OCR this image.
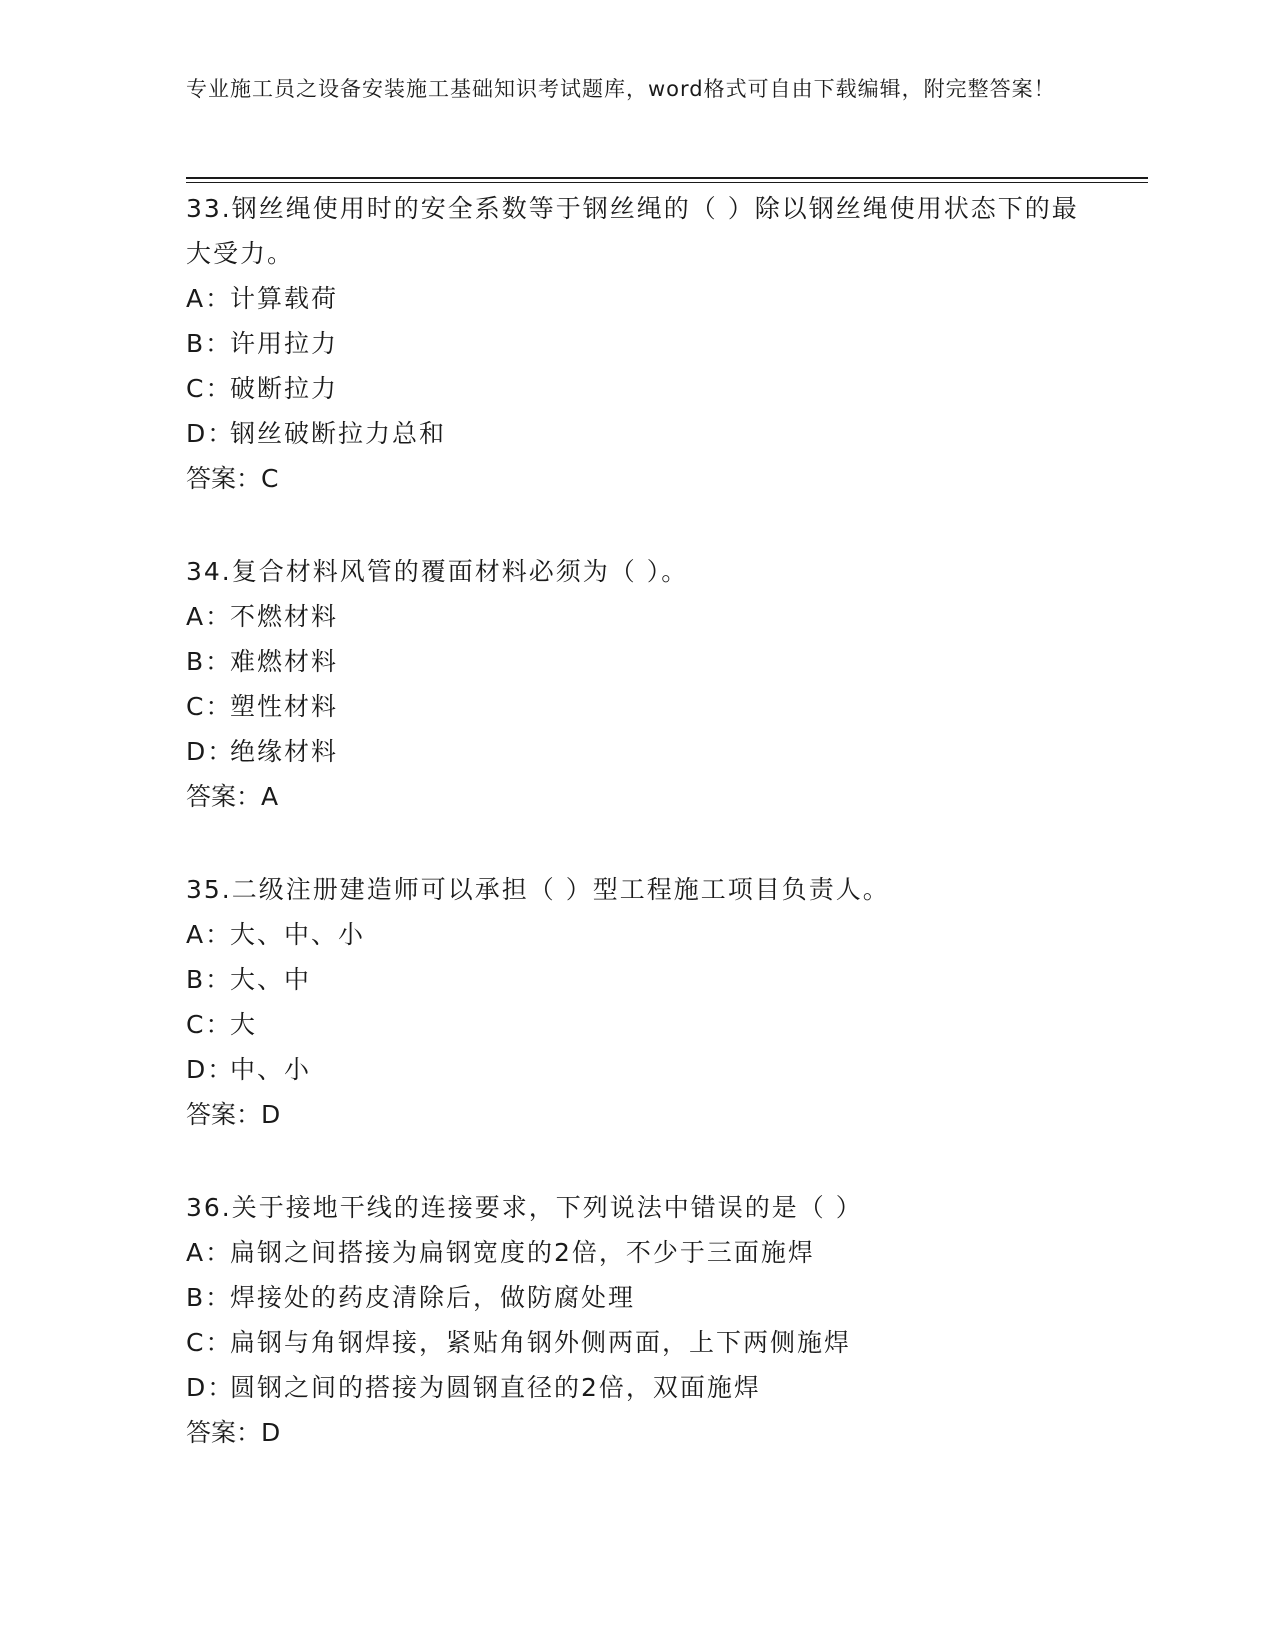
专业施工员之设备安装施工基础知识考试题库，word格式可自由下载编辑，附完整答案！

33.钢丝绳使用时的安全系数等于钢丝绳的（ ）除以钢丝绳使用状态下的最大受力。

A：计算载荷

B：许用拉力

C：破断拉力

D：钢丝破断拉力总和

答案：C

34.复合材料风管的覆面材料必须为（ ）。

A：不燃材料

B：难燃材料

C：塑性材料

D：绝缘材料

答案：A

35.二级注册建造师可以承担（ ）型工程施工项目负责人。

A：大、中、小

B：大、中

C：大

D：中、小

答案：D

36.关于接地干线的连接要求，下列说法中错误的是（ ）

A：扁钢之间搭接为扁钢宽度的2倍，不少于三面施焊

B：焊接处的药皮清除后，做防腐处理

C：扁钢与角钢焊接，紧贴角钢外侧两面，上下两侧施焊

D：圆钢之间的搭接为圆钢直径的2倍，双面施焊

答案：D
